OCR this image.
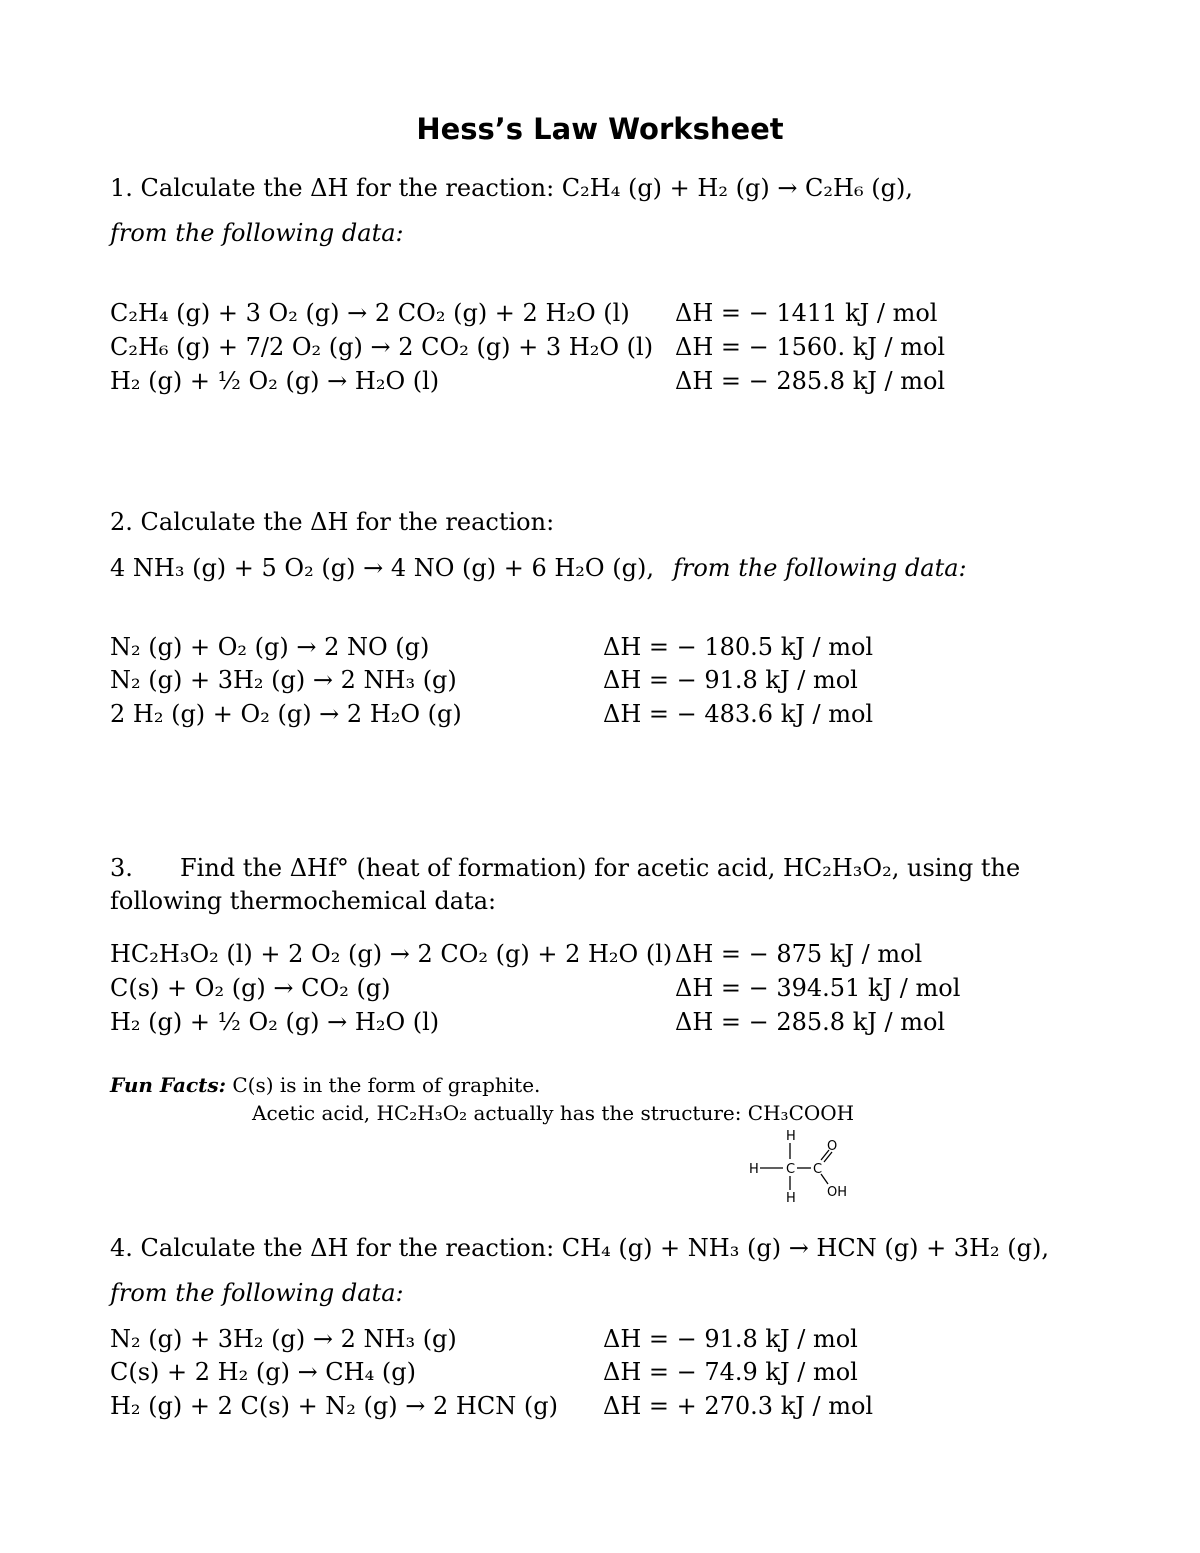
Hess’s Law Worksheet
1. Calculate the ΔH for the reaction: C₂H₄ (g) + H₂ (g) → C₂H₆ (g),
from the following data:
C₂H₄ (g) + 3 O₂ (g) → 2 CO₂ (g) + 2 H₂O (l) ΔH = − 1411 kJ / mol
C₂H₆ (g) + 7/2 O₂ (g) → 2 CO₂ (g) + 3 H₂O (l) ΔH = − 1560. kJ / mol
H₂ (g) + ½ O₂ (g) → H₂O (l)	ΔH = − 285.8 kJ / mol
2. Calculate the ΔH for the reaction:
4 NH₃ (g) + 5 O₂ (g) → 4 NO (g) + 6 H₂O (g), from the following data:
N₂ (g) + O₂ (g) → 2 NO (g)	ΔH = − 180.5 kJ / mol
N₂ (g) + 3H₂ (g) → 2 NH₃ (g)	ΔH = − 91.8 kJ / mol
2 H₂ (g) + O₂ (g) → 2 H₂O (g)	ΔH = − 483.6 kJ / mol
3. Find the ΔHf° (heat of formation) for acetic acid, HC₂H₃O₂, using the
following thermochemical data:
HC₂H₃O₂ (l) + 2 O₂ (g) → 2 CO₂ (g) + 2 H₂O (l) ΔH = − 875 kJ / mol
C(s) + O₂ (g) → CO₂ (g)	ΔH = − 394.51 kJ / mol
H₂ (g) + ½ O₂ (g) → H₂O (l)	ΔH = − 285.8 kJ / mol
Fun Facts: C(s) is in the form of graphite.
Acetic acid, HC₂H₃O₂ actually has the structure: CH₃COOH
H
H C C
H
O
OH
4. Calculate the ΔH for the reaction: CH₄ (g) + NH₃ (g) → HCN (g) + 3H₂ (g),
from the following data:
N₂ (g) + 3H₂ (g) → 2 NH₃ (g)	ΔH = − 91.8 kJ / mol
C(s) + 2 H₂ (g) → CH₄ (g)	ΔH = − 74.9 kJ / mol
H₂ (g) + 2 C(s) + N₂ (g) → 2 HCN (g) ΔH = + 270.3 kJ / mol
